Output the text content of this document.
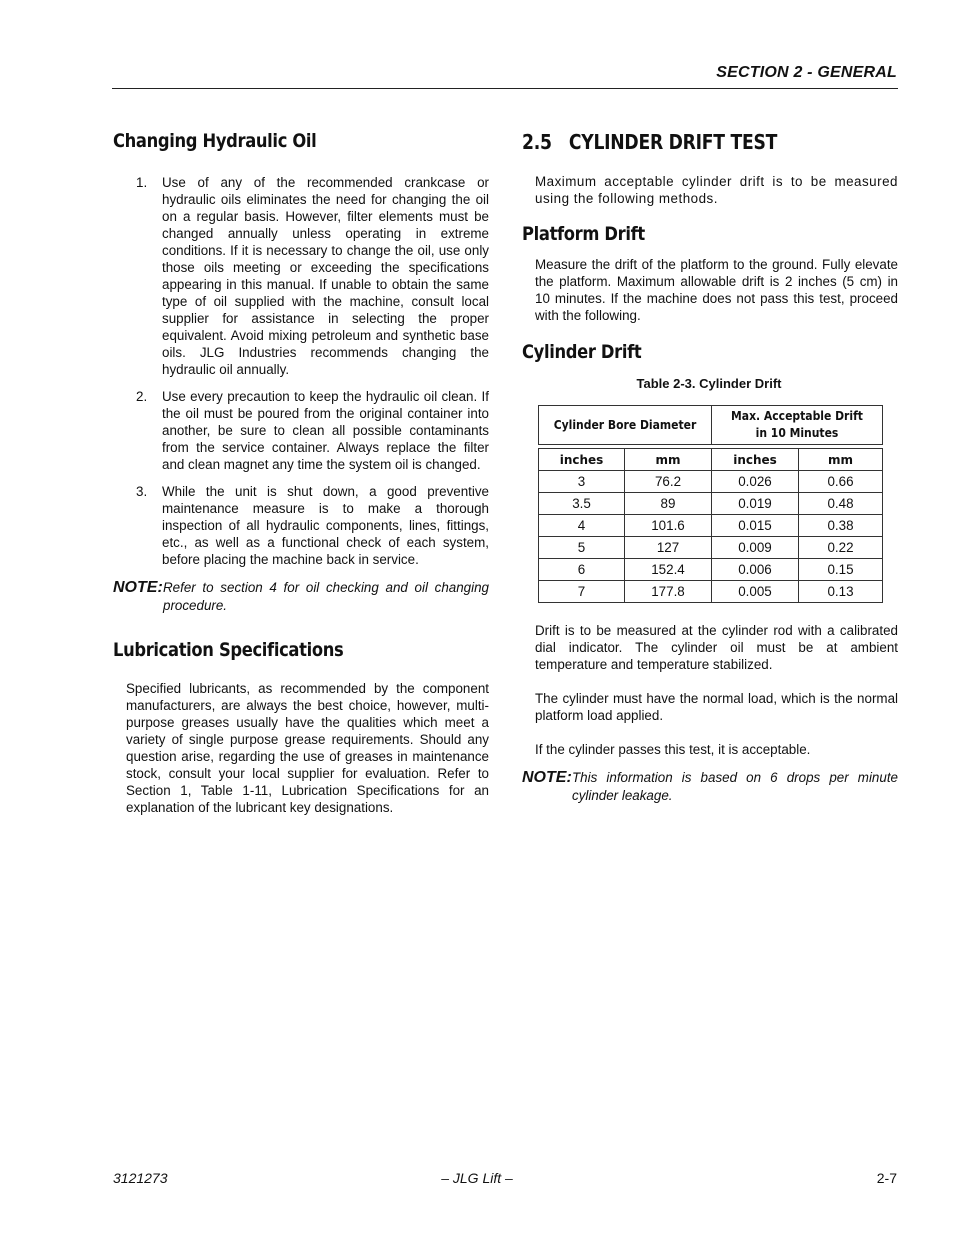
SECTION 2 - GENERAL
Changing Hydraulic Oil
1. Use of any of the recommended crankcase or hydraulic oils eliminates the need for changing the oil on a regular basis. However, filter elements must be changed annually unless operating in extreme conditions. If it is necessary to change the oil, use only those oils meeting or exceeding the specifications appearing in this manual. If unable to obtain the same type of oil supplied with the machine, consult local supplier for assistance in selecting the proper equivalent. Avoid mixing petroleum and synthetic base oils. JLG Industries recommends changing the hydraulic oil annually.
2. Use every precaution to keep the hydraulic oil clean. If the oil must be poured from the original container into another, be sure to clean all possible contaminants from the service container. Always replace the filter and clean magnet any time the system oil is changed.
3. While the unit is shut down, a good preventive maintenance measure is to make a thorough inspection of all hydraulic components, lines, fittings, etc., as well as a functional check of each system, before placing the machine back in service.
NOTE: Refer to section 4 for oil checking and oil changing procedure.
Lubrication Specifications

Specified lubricants, as recommended by the component manufacturers, are always the best choice, however, multi-purpose greases usually have the qualities which meet a variety of single purpose grease requirements. Should any question arise, regarding the use of greases in maintenance stock, consult your local supplier for evaluation. Refer to Section 1, Table 1-11, Lubrication Specifications for an explanation of the lubricant key designations.

2.5   CYLINDER DRIFT TEST

Maximum acceptable cylinder drift is to be measured using the following methods.

Platform Drift

Measure the drift of the platform to the ground. Fully elevate the platform. Maximum allowable drift is 2 inches (5 cm) in 10 minutes. If the machine does not pass this test, proceed with the following.

Cylinder Drift

Table 2-3. Cylinder Drift

Cylinder Bore Diameter		Max. Acceptable Drift
in 10 Minutes	

inches	mm	inches	mm
3	76.2	0.026	0.66
3.5	89	0.019	0.48
4	101.6	0.015	0.38
5	127	0.009	0.22
6	152.4	0.006	0.15
7	177.8	0.005	0.13

Drift is to be measured at the cylinder rod with a calibrated dial indicator. The cylinder oil must be at ambient temperature and temperature stabilized.

The cylinder must have the normal load, which is the normal platform load applied.

If the cylinder passes this test, it is acceptable.

NOTE: This information is based on 6 drops per minute cylinder leakage.
3121273	– JLG Lift –	2-7
